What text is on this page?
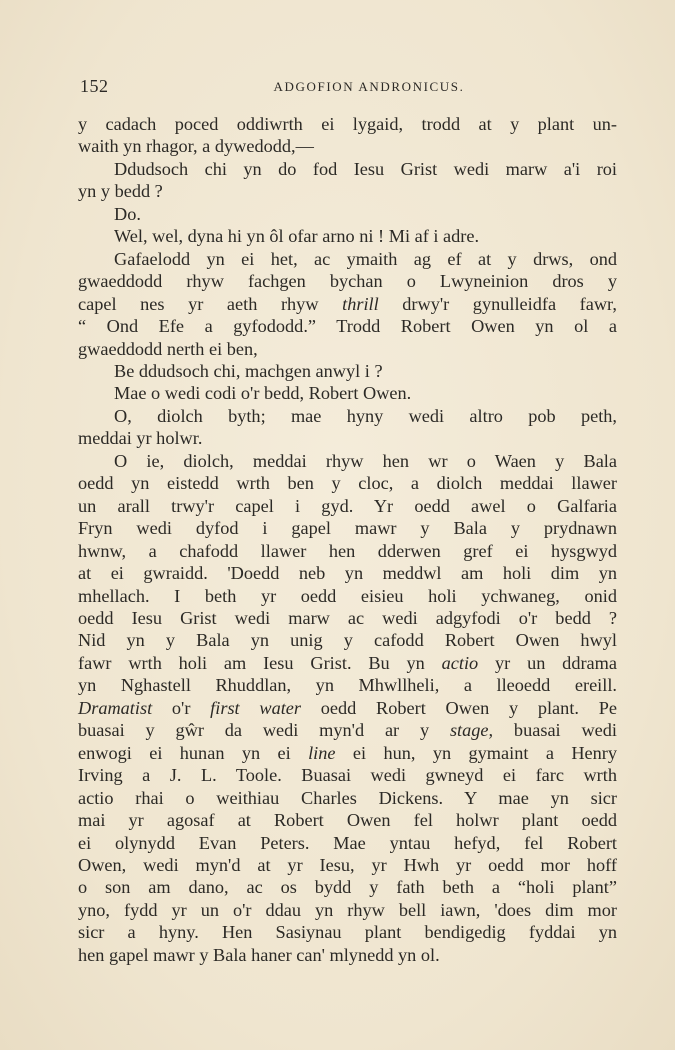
152	ADGOFION ANDRONICUS.
y cadach poced oddiwrth ei lygaid, trodd at y plant un-
waith yn rhagor, a dywedodd,—
Ddudsoch chi yn do fod Iesu Grist wedi marw a'i roi
yn y bedd ?
Do.
Wel, wel, dyna hi yn ôl ofar arno ni ! Mi af i adre.
Gafaelodd yn ei het, ac ymaith ag ef at y drws, ond
gwaeddodd rhyw fachgen bychan o Lwyneinion dros y
capel nes yr aeth rhyw thrill drwy'r gynulleidfa fawr,
“ Ond Efe a gyfododd.” Trodd Robert Owen yn ol a
gwaeddodd nerth ei ben,
Be ddudsoch chi, machgen anwyl i ?
Mae o wedi codi o'r bedd, Robert Owen.
O, diolch byth; mae hyny wedi altro pob peth,
meddai yr holwr.
O ie, diolch, meddai rhyw hen wr o Waen y Bala
oedd yn eistedd wrth ben y cloc, a diolch meddai llawer
un arall trwy'r capel i gyd. Yr oedd awel o Galfaria
Fryn wedi dyfod i gapel mawr y Bala y prydnawn
hwnw, a chafodd llawer hen dderwen gref ei hysgwyd
at ei gwraidd. 'Doedd neb yn meddwl am holi dim yn
mhellach. I beth yr oedd eisieu holi ychwaneg, onid
oedd Iesu Grist wedi marw ac wedi adgyfodi o'r bedd ?
Nid yn y Bala yn unig y cafodd Robert Owen hwyl
fawr wrth holi am Iesu Grist. Bu yn actio yr un ddrama
yn Nghastell Rhuddlan, yn Mhwllheli, a lleoedd ereill.
Dramatist o'r first water oedd Robert Owen y plant. Pe
buasai y gŵr da wedi myn'd ar y stage, buasai wedi
enwogi ei hunan yn ei line ei hun, yn gymaint a Henry
Irving a J. L. Toole. Buasai wedi gwneyd ei farc wrth
actio rhai o weithiau Charles Dickens. Y mae yn sicr
mai yr agosaf at Robert Owen fel holwr plant oedd
ei olynydd Evan Peters. Mae yntau hefyd, fel Robert
Owen, wedi myn'd at yr Iesu, yr Hwh yr oedd mor hoff
o son am dano, ac os bydd y fath beth a “holi plant”
yno, fydd yr un o'r ddau yn rhyw bell iawn, 'does dim mor
sicr a hyny. Hen Sasiynau plant bendigedig fyddai yn
hen gapel mawr y Bala haner can' mlynedd yn ol.
